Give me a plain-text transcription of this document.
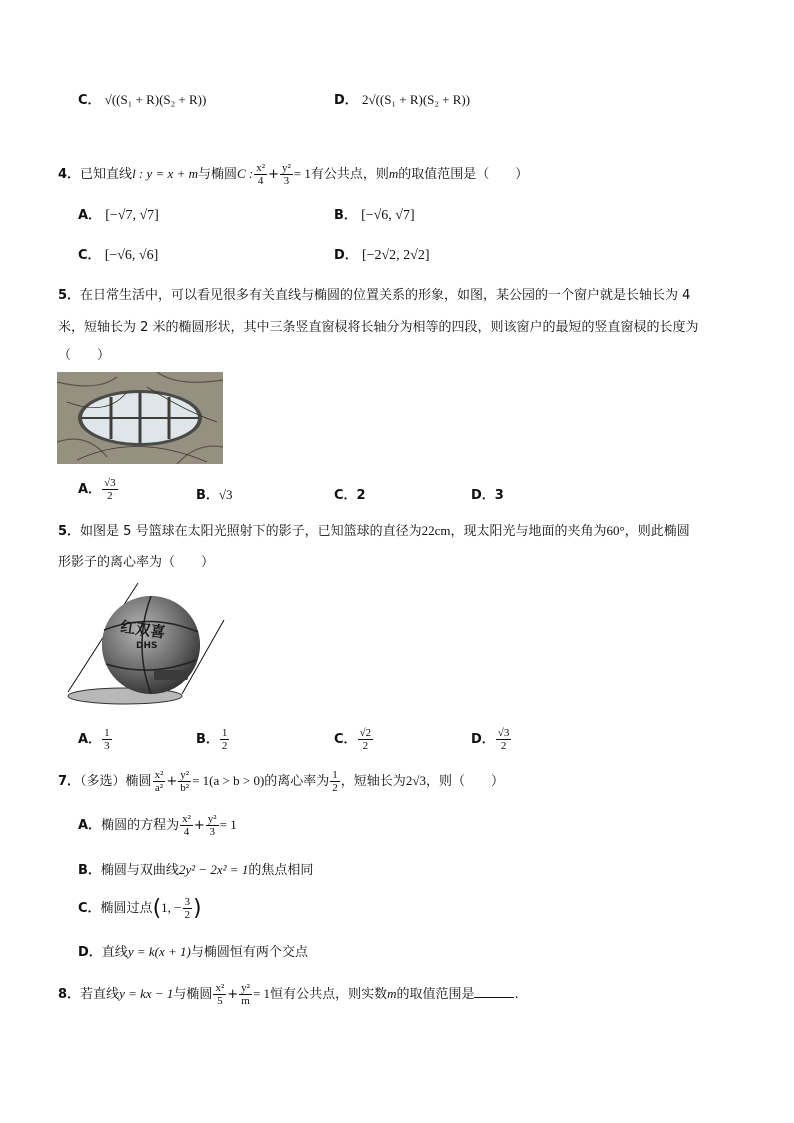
C． √((S₁ + R)(S₂ + R))	D． 2√((S₁ + R)(S₂ + R))
4．已知直线l : y = x + m与椭圆C : $\frac{\text{x²}}{4} + \frac{\text{y²}}{3} = 1$有公共点，则m的取值范围是（　　）
A． [−√7, √7]	B． [−√6, √7]
C． [−√6, √6]	D． [−2√2, 2√2]
5．在日常生活中，可以看见很多有关直线与椭圆的位置关系的形象，如图，某公园的一个窗户就是长轴长为 4
米，短轴长为 2 米的椭圆形状，其中三条竖直窗棂将长轴分为相等的四段，则该窗户的最短的竖直窗棂的长度为
（　　）
A． $\frac{√3}{2}$	B．√3	C．2	D．3
5．如图是 5 号篮球在太阳光照射下的影子，已知篮球的直径为22cm，现太阳光与地面的夹角为60°，则此椭圆
形影子的离心率为（　　）
红双喜
DHS
A． $\frac{1}{3}$	B． $\frac{1}{2}$	C． $\frac{√2}{2}$	D． $\frac{√3}{2}$
7．（多选）椭圆 $\frac{\text{x²}}{\text{a²}} + \frac{\text{y²}}{\text{b²}} = 1(a > b > 0)$的离心率为 $\frac{1}{2}$ ，短轴长为2√3，则（　　）
A．椭圆的方程为 $\frac{\text{x²}}{4} + \frac{\text{y²}}{3} = 1$
B．椭圆与双曲线2y² − 2x² = 1的焦点相同
C．椭圆过点(1, − $\frac{3}{2}$ )
D．直线y = k(x + 1)与椭圆恒有两个交点
8．若直线y = kx − 1与椭圆 $\frac{\text{x²}}{5} + \frac{\text{y²}}{m} = 1$恒有公共点，则实数m的取值范围是	.
